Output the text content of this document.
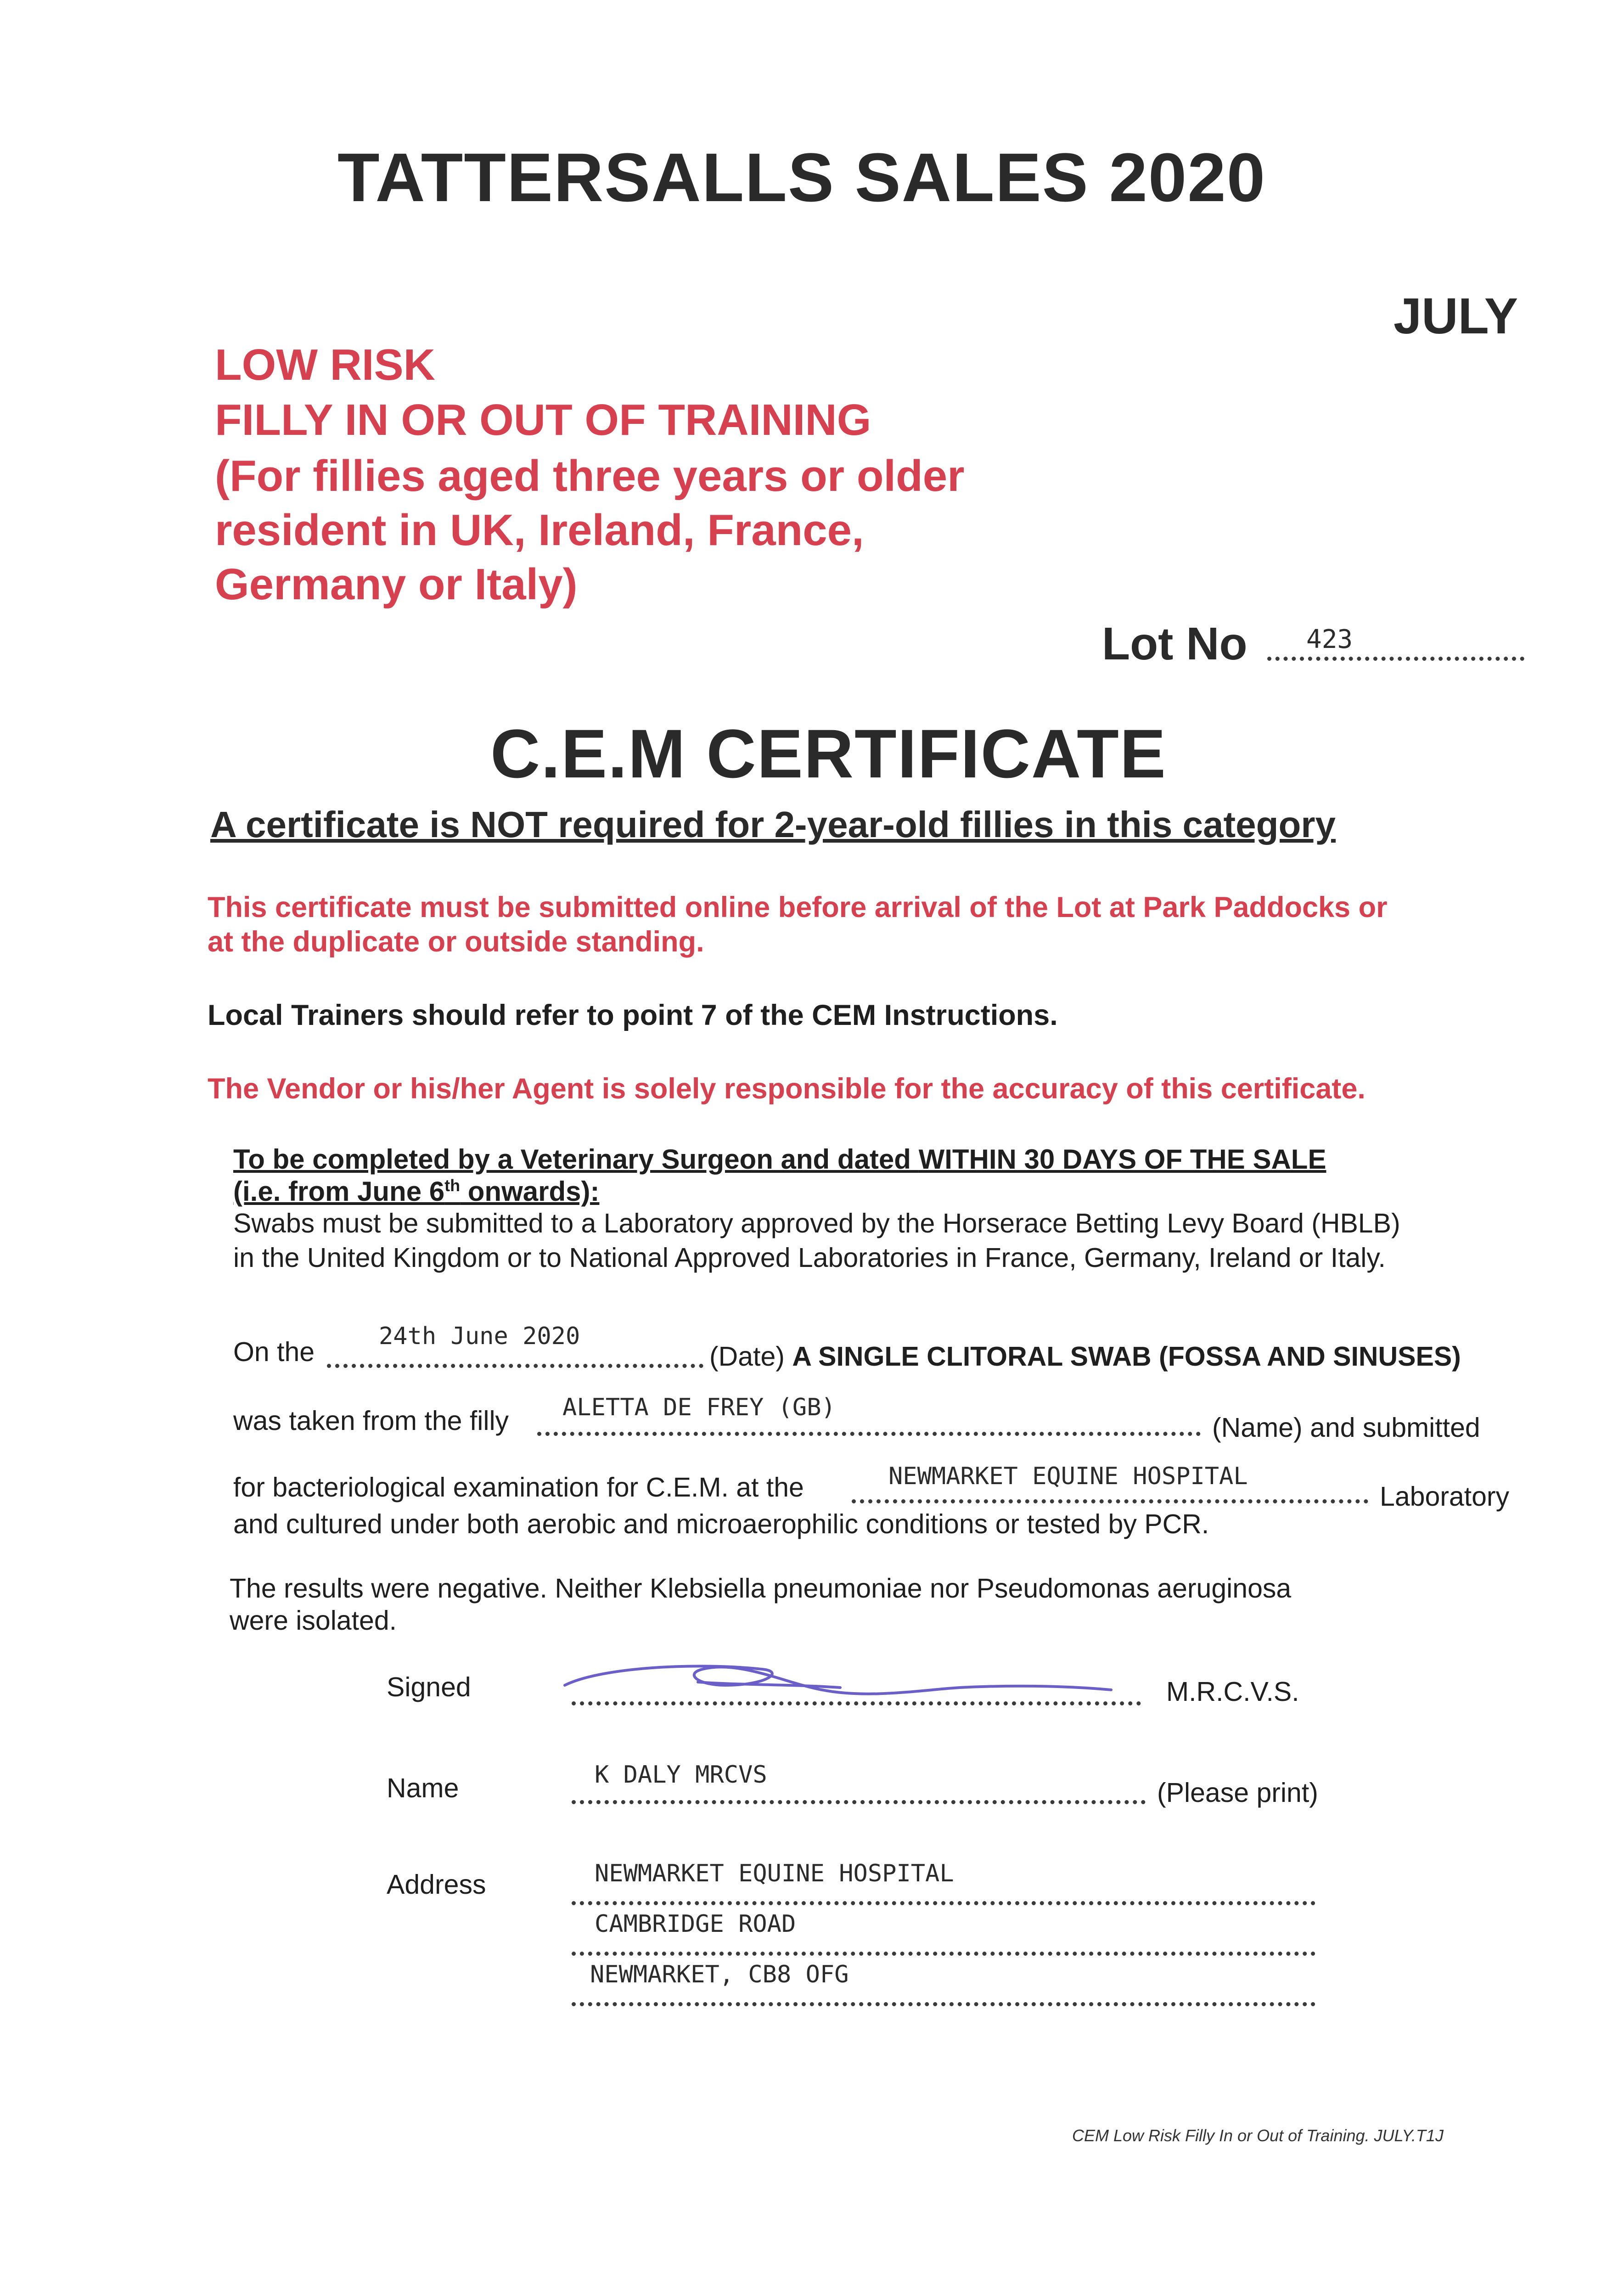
TATTERSALLS SALES 2020
JULY
LOW RISK
FILLY IN OR OUT OF TRAINING
(For fillies aged three years or older
resident in UK, Ireland, France,
Germany or Italy)
Lot No 423
C.E.M CERTIFICATE
A certificate is NOT required for 2-year-old fillies in this category
This certificate must be submitted online before arrival of the Lot at Park Paddocks or
at the duplicate or outside standing.
Local Trainers should refer to point 7 of the CEM Instructions.
The Vendor or his/her Agent is solely responsible for the accuracy of this certificate.
To be completed by a Veterinary Surgeon and dated WITHIN 30 DAYS OF THE SALE
(i.e. from June 6th onwards):
Swabs must be submitted to a Laboratory approved by the Horserace Betting Levy Board (HBLB)
in the United Kingdom or to National Approved Laboratories in France, Germany, Ireland or Italy.
On the
24th June 2020
(Date) A SINGLE CLITORAL SWAB (FOSSA AND SINUSES)
was taken from the filly ALETTA DE FREY (GB)
(Name) and submitted
for bacteriological examination for C.E.M. at the	NEWMARKET EQUINE HOSPITAL
Laboratory
and cultured under both aerobic and microaerophilic conditions or tested by PCR.
The results were negative. Neither Klebsiella pneumoniae nor Pseudomonas aeruginosa
were isolated.
Signed	M.R.C.V.S.
Name	K DALY MRCVS
(Please print)
Address	NEWMARKET EQUINE HOSPITAL
CAMBRIDGE ROAD
NEWMARKET, CB8 OFG
CEM Low Risk Filly In or Out of Training. JULY.T1J
